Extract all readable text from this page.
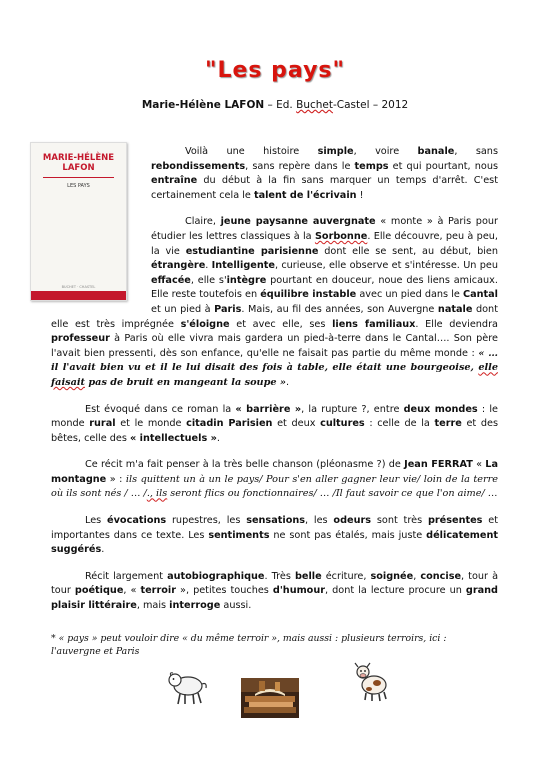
"Les pays"
Marie-Hélène LAFON – Ed. Buchet-Castel – 2012
MARIE-HÉLÈNE
LAFON
LES PAYS
BUCHET · CHASTEL

Voilà une histoire simple, voire banale, sans rebondissements, sans repère dans le temps et qui pourtant, nous entraîne du début à la fin sans marquer un temps d'arrêt. C'est certainement cela le talent de l'écrivain !

Claire, jeune paysanne auvergnate « monte » à Paris pour étudier les lettres classiques à la Sorbonne. Elle découvre, peu à peu, la vie estudiantine parisienne dont elle se sent, au début, bien étrangère. Intelligente, curieuse, elle observe et s'intéresse. Un peu effacée, elle s'intègre pourtant en douceur, noue des liens amicaux. Elle reste toutefois en équilibre instable avec un pied dans le Cantal et un pied à Paris. Mais, au fil des années, son Auvergne natale dont elle est très imprégnée s'éloigne et avec elle, ses liens familiaux. Elle deviendra professeur à Paris où elle vivra mais gardera un pied-à-terre dans le Cantal…. Son père l'avait bien pressenti, dès son enfance, qu'elle ne faisait pas partie du même monde : « … il l'avait bien vu et il le lui disait des fois à table, elle était une bourgeoise, elle faisait pas de bruit en mangeant la soupe ».

Est évoqué dans ce roman la « barrière », la rupture ?, entre deux mondes : le monde rural et le monde citadin Parisien et deux cultures : celle de la terre et des bêtes, celle des « intellectuels ».

Ce récit m'a fait penser à la très belle chanson (pléonasme ?) de Jean FERRAT « La montagne » : ils quittent un à un le pays/ Pour s'en aller gagner leur vie/ loin de la terre où ils sont nés / … /., ils seront flics ou fonctionnaires/ … /Il faut savoir ce que l'on aime/ …

Les évocations rupestres, les sensations, les odeurs sont très présentes et importantes dans ce texte. Les sentiments ne sont pas étalés, mais juste délicatement suggérés.

Récit largement autobiographique. Très belle écriture, soignée, concise, tour à tour poétique, « terroir », petites touches d'humour, dont la lecture procure un grand plaisir littéraire, mais interroge aussi.

* « pays » peut vouloir dire « du même terroir », mais aussi : plusieurs terroirs, ici : l'auvergne et Paris
